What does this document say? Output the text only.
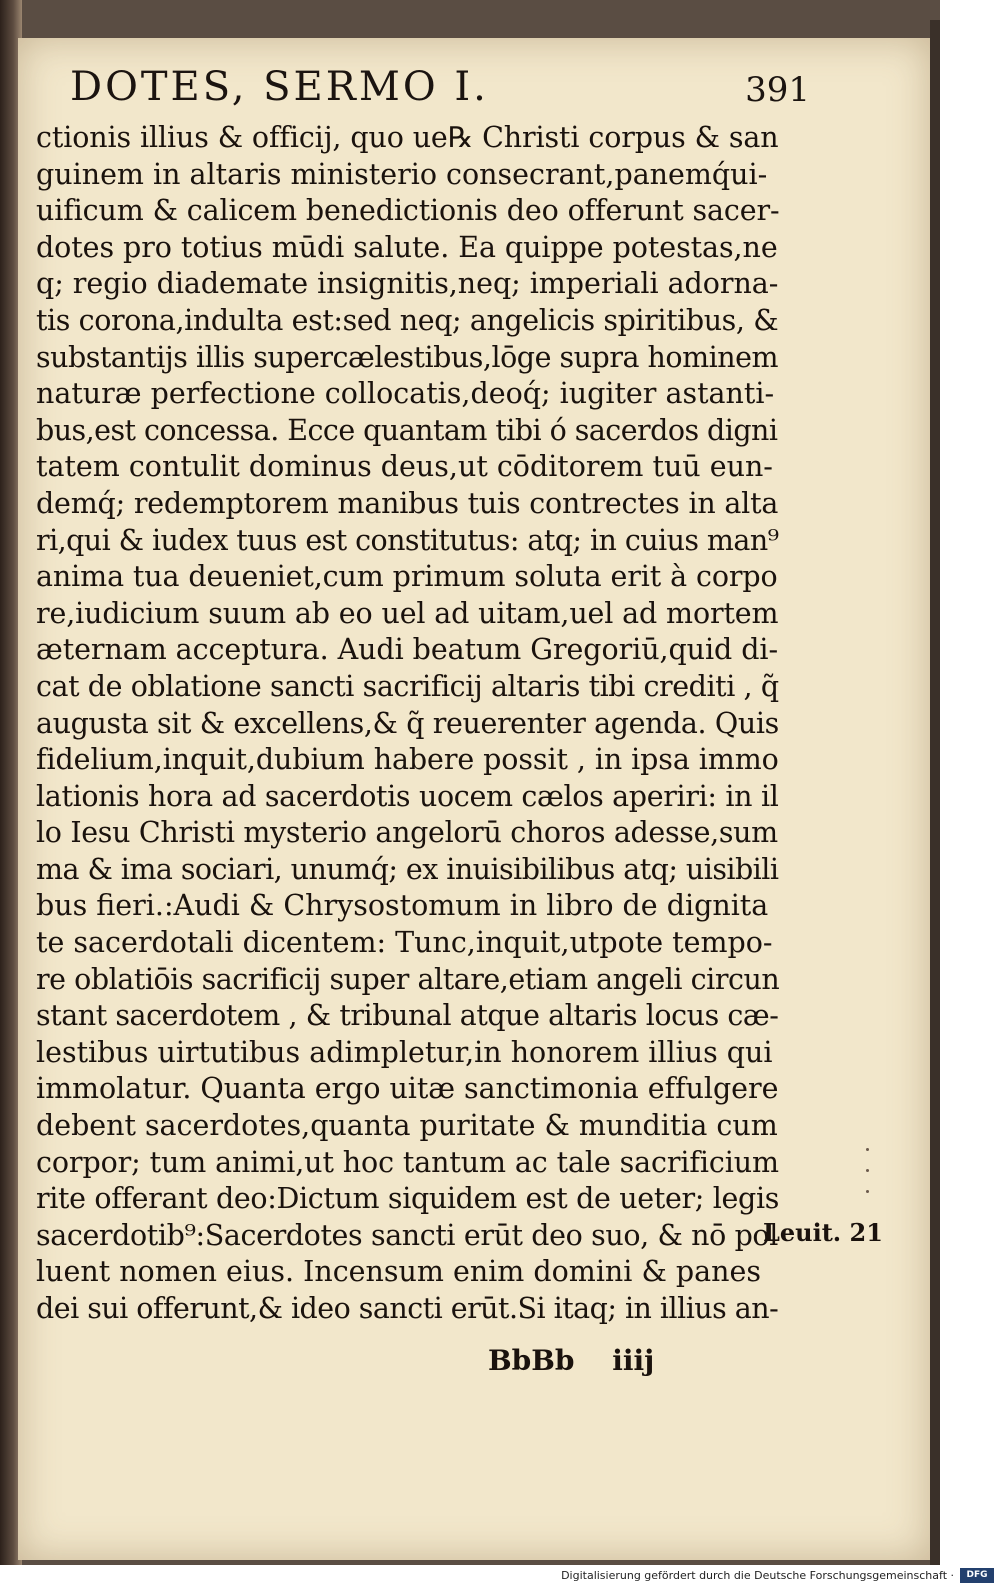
DOTES, SERMO I.	391
ctionis illius & officij, quo ue℞ Christi corpus & san
guinem in altaris ministerio consecrant,panemq́ui-
uificum & calicem benedictionis deo offerunt sacer-
dotes pro totius mūdi salute. Ea quippe potestas,ne
q; regio diademate insignitis,neq; imperiali adorna-
tis corona,indulta est:sed neq; angelicis spiritibus, &
substantijs illis supercælestibus,lōge supra hominem
naturæ perfectione collocatis,deoq́; iugiter astanti-
bus,est concessa. Ecce quantam tibi ó sacerdos digni
tatem contulit dominus deus,ut cōditorem tuū eun-
demq́; redemptorem manibus tuis contrectes in alta
ri,qui & iudex tuus est constitutus: atq; in cuius man⁹
anima tua deueniet,cum primum soluta erit à corpo
re,iudicium suum ab eo uel ad uitam,uel ad mortem
æternam acceptura. Audi beatum Gregoriū,quid di-
cat de oblatione sancti sacrificij altaris tibi crediti , q̃
augusta sit & excellens,& q̃ reuerenter agenda. Quis
fidelium,inquit,dubium habere possit , in ipsa immo
lationis hora ad sacerdotis uocem cælos aperiri: in il
lo Iesu Christi mysterio angelorū choros adesse,sum
ma & ima sociari, unumq́; ex inuisibilibus atq; uisibili
bus fieri.:Audi & Chrysostomum in libro de dignita
te sacerdotali dicentem: Tunc,inquit,utpote tempo-
re oblatiōis sacrificij super altare,etiam angeli circun
stant sacerdotem , & tribunal atque altaris locus cæ-
lestibus uirtutibus adimpletur,in honorem illius qui
immolatur. Quanta ergo uitæ sanctimonia effulgere
debent sacerdotes,quanta puritate & munditia cum
corpor; tum animi,ut hoc tantum ac tale sacrificium
rite offerant deo:Dictum siquidem est de ueter; legis
sacerdotib⁹:Sacerdotes sancti erūt deo suo, & nō pol
luent nomen eius. Incensum enim domini & panes
dei sui offerunt,& ideo sancti erūt.Si itaq; in illius an-
Leuit. 21
BbBb iiij
Digitalisierung gefördert durch die Deutsche Forschungsgemeinschaft ·	DFG
